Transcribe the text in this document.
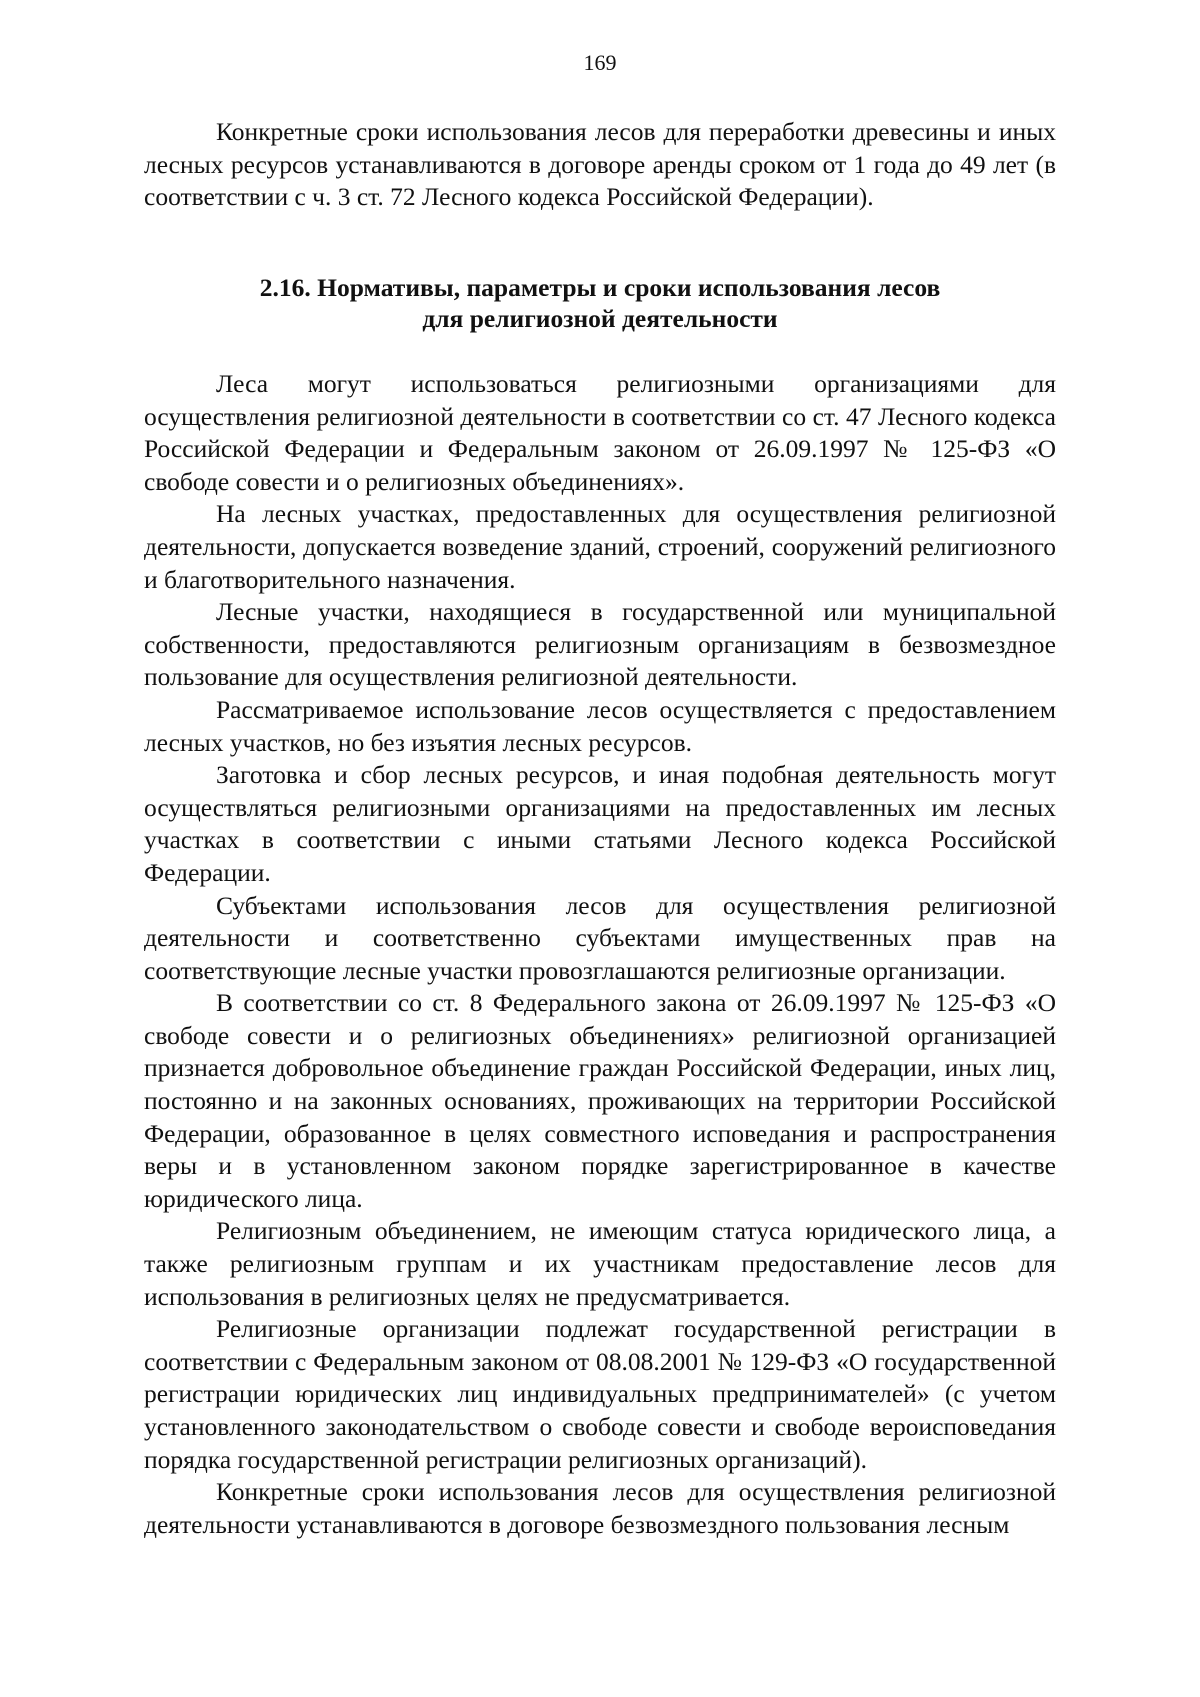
169

Конкретные сроки использования лесов для переработки древесины и иных лесных ресурсов устанавливаются в договоре аренды сроком от 1 года до 49 лет (в соответствии с ч. 3 ст. 72 Лесного кодекса Российской Федерации).

2.16. Нормативы, параметры и сроки использования лесов
для религиозной деятельности

Леса могут использоваться религиозными организациями для осуществления религиозной деятельности в соответствии со ст. 47 Лесного кодекса Российской Федерации и Федеральным законом от 26.09.1997 № 125-ФЗ «О свободе совести и о религиозных объединениях».

На лесных участках, предоставленных для осуществления религиозной деятельности, допускается возведение зданий, строений, сооружений религиозного и благотворительного назначения.

Лесные участки, находящиеся в государственной или муниципальной собственности, предоставляются религиозным организациям в безвозмездное пользование для осуществления религиозной деятельности.

Рассматриваемое использование лесов осуществляется с предоставлением лесных участков, но без изъятия лесных ресурсов.

Заготовка и сбор лесных ресурсов, и иная подобная деятельность могут осуществляться религиозными организациями на предоставленных им лесных участках в соответствии с иными статьями Лесного кодекса Российской Федерации.

Субъектами использования лесов для осуществления религиозной деятельности и соответственно субъектами имущественных прав на соответствующие лесные участки провозглашаются религиозные организации.

В соответствии со ст. 8 Федерального закона от 26.09.1997 № 125-ФЗ «О свободе совести и о религиозных объединениях» религиозной организацией признается добровольное объединение граждан Российской Федерации, иных лиц, постоянно и на законных основаниях, проживающих на территории Российской Федерации, образованное в целях совместного исповедания и распространения веры и в установленном законом порядке зарегистрированное в качестве юридического лица.

Религиозным объединением, не имеющим статуса юридического лица, а также религиозным группам и их участникам предоставление лесов для использования в религиозных целях не предусматривается.

Религиозные организации подлежат государственной регистрации в соответствии с Федеральным законом от 08.08.2001 № 129-ФЗ «О государственной регистрации юридических лиц индивидуальных предпринимателей» (с учетом установленного законодательством о свободе совести и свободе вероисповедания порядка государственной регистрации религиозных организаций).

Конкретные сроки использования лесов для осуществления религиозной деятельности устанавливаются в договоре безвозмездного пользования лесным
